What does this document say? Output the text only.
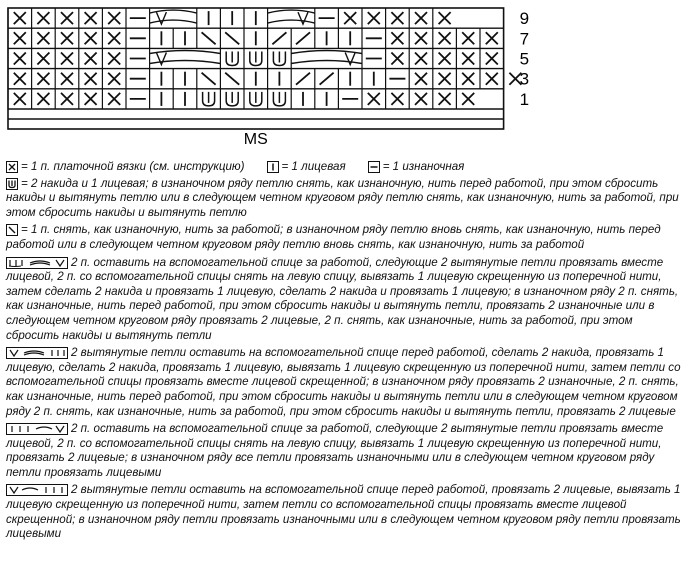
9
7
5
3
1
MS
= 1 п. платочной вязки (см. инструкцию)	= 1 лицевая	= 1 изнаночная
= 2 накида и 1 лицевая; в изнаночном ряду петлю снять, как изнаночную, нить перед работой, при этом сбросить накиды и вытянуть петлю или в следующем четном круговом ряду петлю снять, как изнаночную, нить за работой, при этом сбросить накиды и вытянуть петлю
= 1 п. снять, как изнаночную, нить за работой; в изнаночном ряду петлю вновь снять, как изнаночную, нить перед работой или в следующем четном круговом ряду петлю вновь снять, как изнаночную, нить за работой
2 п. оставить на вспомогательной спице за работой, следующие 2 вытянутые петли провязать вместе лицевой, 2 п. со вспомогательной спицы снять на левую спицу, вывязать 1 лицевую скрещенную из поперечной нити, затем сделать 2 накида и провязать 1 лицевую, сделать 2 накида и провязать 1 лицевую; в изнаночном ряду 2 п. снять, как изнаночные, нить перед работой, при этом сбросить накиды и вытянуть петли, провязать 2 изнаночные или в следующем четном круговом ряду провязать 2 лицевые, 2 п. снять, как изнаночные, нить за работой, при этом сбросить накиды и вытянуть петли
2 вытянутые петли оставить на вспомогательной спице перед работой, сделать 2 накида, провязать 1 лицевую, сделать 2 накида, провязать 1 лицевую, вывязать 1 лицевую скрещенную из поперечной нити, затем петли со вспомогательной спицы провязать вместе лицевой скрещенной; в изнаночном ряду провязать 2 изнаночные, 2 п. снять, как изнаночные, нить перед работой, при этом сбросить накиды и вытянуть петли или в следующем четном круговом ряду 2 п. снять, как изнаночные, нить за работой, при этом сбросить накиды и вытянуть петли, провязать 2 лицевые
2 п. оставить на вспомогательной спице за работой, следующие 2 вытянутые петли провязать вместе лицевой, 2 п. со вспомогательной спицы снять на левую спицу, вывязать 1 лицевую скрещенную из поперечной нити, провязать 2 лицевые; в изнаночном ряду все петли провязать изнаночными или в следующем четном круговом ряду петли провязать лицевыми
2 вытянутые петли оставить на вспомогательной спице перед работой, провязать 2 лицевые, вывязать 1 лицевую скрещенную из поперечной нити, затем петли со вспомогательной спицы провязать вместе лицевой скрещенной; в изнаночном ряду петли провязать изнаночными или в следующем четном круговом ряду петли провязать лицевыми
